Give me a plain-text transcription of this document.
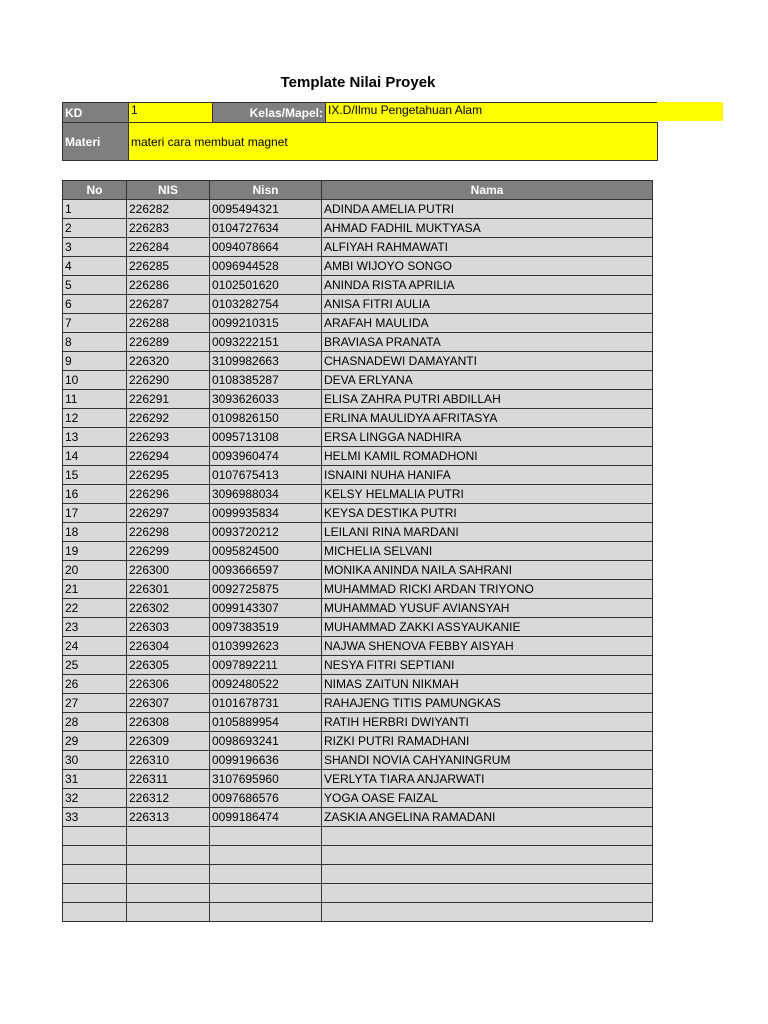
Template Nilai Proyek
KD	1	Kelas/Mapel:	IX.D/Ilmu Pengetahuan Alam
Materi	materi cara membuat magnet		
No	NIS	Nisn	Nama
1	226282	0095494321	ADINDA AMELIA PUTRI
2	226283	0104727634	AHMAD FADHIL MUKTYASA
3	226284	0094078664	ALFIYAH RAHMAWATI
4	226285	0096944528	AMBI WIJOYO SONGO
5	226286	0102501620	ANINDA RISTA APRILIA
6	226287	0103282754	ANISA FITRI AULIA
7	226288	0099210315	ARAFAH MAULIDA
8	226289	0093222151	BRAVIASA PRANATA
9	226320	3109982663	CHASNADEWI DAMAYANTI
10	226290	0108385287	DEVA ERLYANA
11	226291	3093626033	ELISA ZAHRA PUTRI ABDILLAH
12	226292	0109826150	ERLINA MAULIDYA AFRITASYA
13	226293	0095713108	ERSA LINGGA NADHIRA
14	226294	0093960474	HELMI KAMIL ROMADHONI
15	226295	0107675413	ISNAINI NUHA HANIFA
16	226296	3096988034	KELSY HELMALIA PUTRI
17	226297	0099935834	KEYSA DESTIKA PUTRI
18	226298	0093720212	LEILANI RINA MARDANI
19	226299	0095824500	MICHELIA SELVANI
20	226300	0093666597	MONIKA ANINDA NAILA SAHRANI
21	226301	0092725875	MUHAMMAD RICKI ARDAN TRIYONO
22	226302	0099143307	MUHAMMAD YUSUF AVIANSYAH
23	226303	0097383519	MUHAMMAD ZAKKI ASSYAUKANIE
24	226304	0103992623	NAJWA SHENOVA FEBBY AISYAH
25	226305	0097892211	NESYA FITRI SEPTIANI
26	226306	0092480522	NIMAS ZAITUN NIKMAH
27	226307	0101678731	RAHAJENG TITIS PAMUNGKAS
28	226308	0105889954	RATIH HERBRI DWIYANTI
29	226309	0098693241	RIZKI PUTRI RAMADHANI
30	226310	0099196636	SHANDI NOVIA CAHYANINGRUM
31	226311	3107695960	VERLYTA TIARA ANJARWATI
32	226312	0097686576	YOGA OASE FAIZAL
33	226313	0099186474	ZASKIA ANGELINA RAMADANI
